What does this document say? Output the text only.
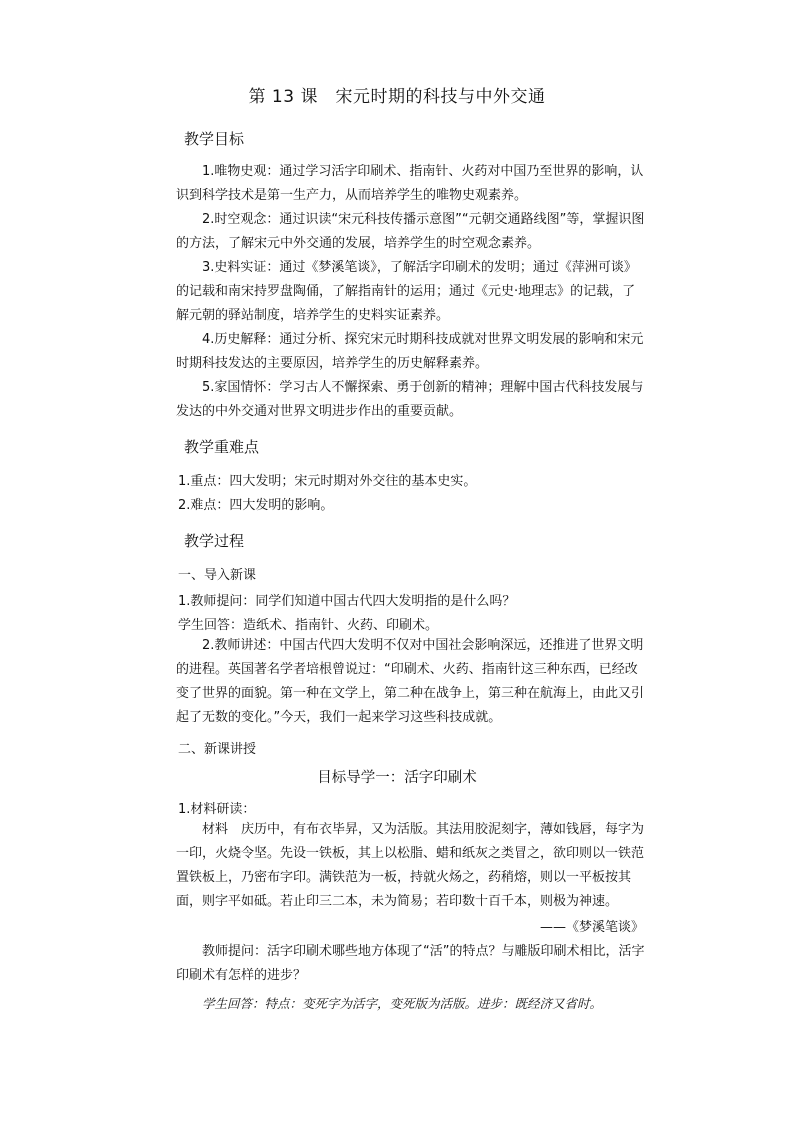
第 13 课　宋元时期的科技与中外交通
教学目标
1.唯物史观：通过学习活字印刷术、指南针、火药对中国乃至世界的影响，认识到科学技术是第一生产力，从而培养学生的唯物史观素养。
2.时空观念：通过识读“宋元科技传播示意图”“元朝交通路线图”等，掌握识图的方法，了解宋元中外交通的发展，培养学生的时空观念素养。
3.史料实证：通过《梦溪笔谈》，了解活字印刷术的发明；通过《萍洲可谈》的记载和南宋持罗盘陶俑，了解指南针的运用；通过《元史·地理志》的记载，了解元朝的驿站制度，培养学生的史料实证素养。
4.历史解释：通过分析、探究宋元时期科技成就对世界文明发展的影响和宋元时期科技发达的主要原因，培养学生的历史解释素养。
5.家国情怀：学习古人不懈探索、勇于创新的精神；理解中国古代科技发展与发达的中外交通对世界文明进步作出的重要贡献。
教学重难点
1.重点：四大发明；宋元时期对外交往的基本史实。
2.难点：四大发明的影响。
教学过程
一、导入新课
1.教师提问：同学们知道中国古代四大发明指的是什么吗？
学生回答：造纸术、指南针、火药、印刷术。
2.教师讲述：中国古代四大发明不仅对中国社会影响深远，还推进了世界文明的进程。英国著名学者培根曾说过：“印刷术、火药、指南针这三种东西，已经改变了世界的面貌。第一种在文学上，第二种在战争上，第三种在航海上，由此又引起了无数的变化。”今天，我们一起来学习这些科技成就。
二、新课讲授
目标导学一：活字印刷术
1.材料研读：
材料　庆历中，有布衣毕昇，又为活版。其法用胶泥刻字，薄如钱唇，每字为一印，火烧令坚。先设一铁板，其上以松脂、蜡和纸灰之类冒之，欲印则以一铁范置铁板上，乃密布字印。满铁范为一板，持就火炀之，药稍熔，则以一平板按其面，则字平如砥。若止印三二本，未为简易；若印数十百千本，则极为神速。
——《梦溪笔谈》
教师提问：活字印刷术哪些地方体现了“活”的特点？与雕版印刷术相比，活字印刷术有怎样的进步？
学生回答：特点：变死字为活字，变死版为活版。进步：既经济又省时。
